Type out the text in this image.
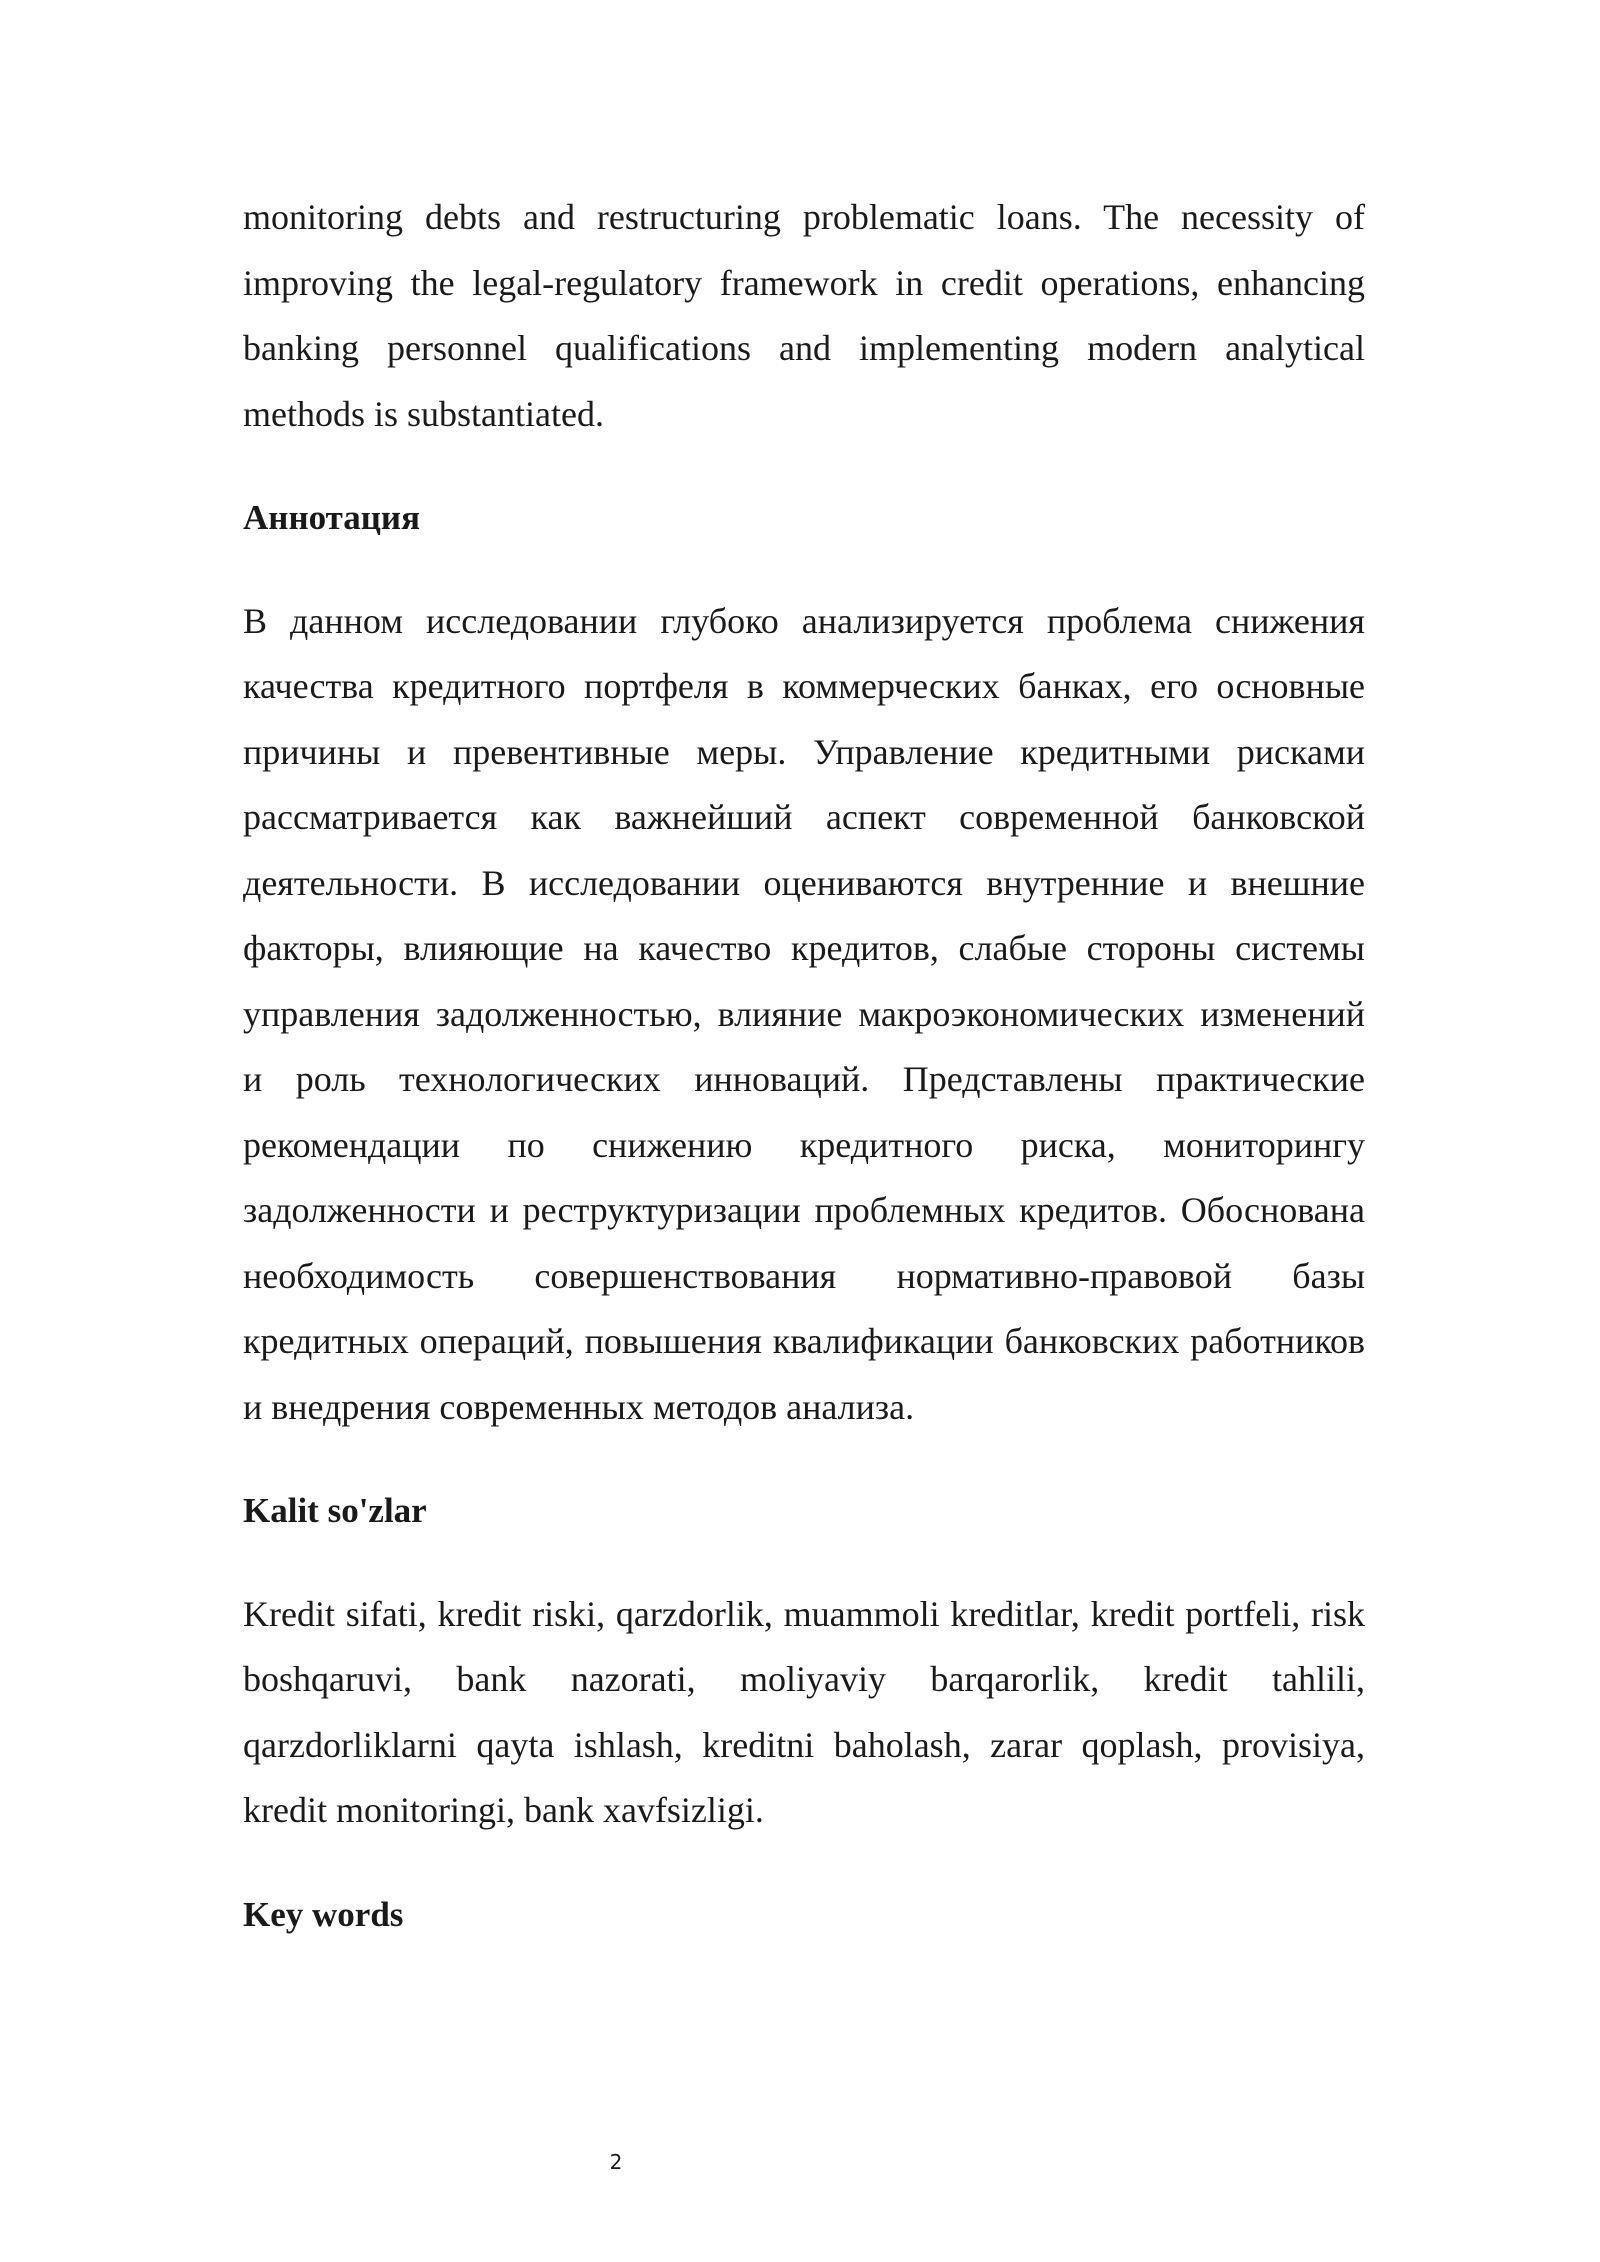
monitoring debts and restructuring problematic loans. The necessity of improving the legal-regulatory framework in credit operations, enhancing banking personnel qualifications and implementing modern analytical methods is substantiated.

Аннотация

В данном исследовании глубоко анализируется проблема снижения качества кредитного портфеля в коммерческих банках, его основные причины и превентивные меры. Управление кредитными рисками рассматривается как важнейший аспект современной банковской деятельности. В исследовании оцениваются внутренние и внешние факторы, влияющие на качество кредитов, слабые стороны системы управления задолженностью, влияние макроэкономических изменений и роль технологических инноваций. Представлены практические рекомендации по снижению кредитного риска, мониторингу задолженности и реструктуризации проблемных кредитов. Обоснована необходимость совершенствования нормативно-правовой базы кредитных операций, повышения квалификации банковских работников и внедрения современных методов анализа.

Kalit so'zlar

Kredit sifati, kredit riski, qarzdorlik, muammoli kreditlar, kredit portfeli, risk boshqaruvi, bank nazorati, moliyaviy barqarorlik, kredit tahlili, qarzdorliklarni qayta ishlash, kreditni baholash, zarar qoplash, provisiya, kredit monitoringi, bank xavfsizligi.

Key words
2
